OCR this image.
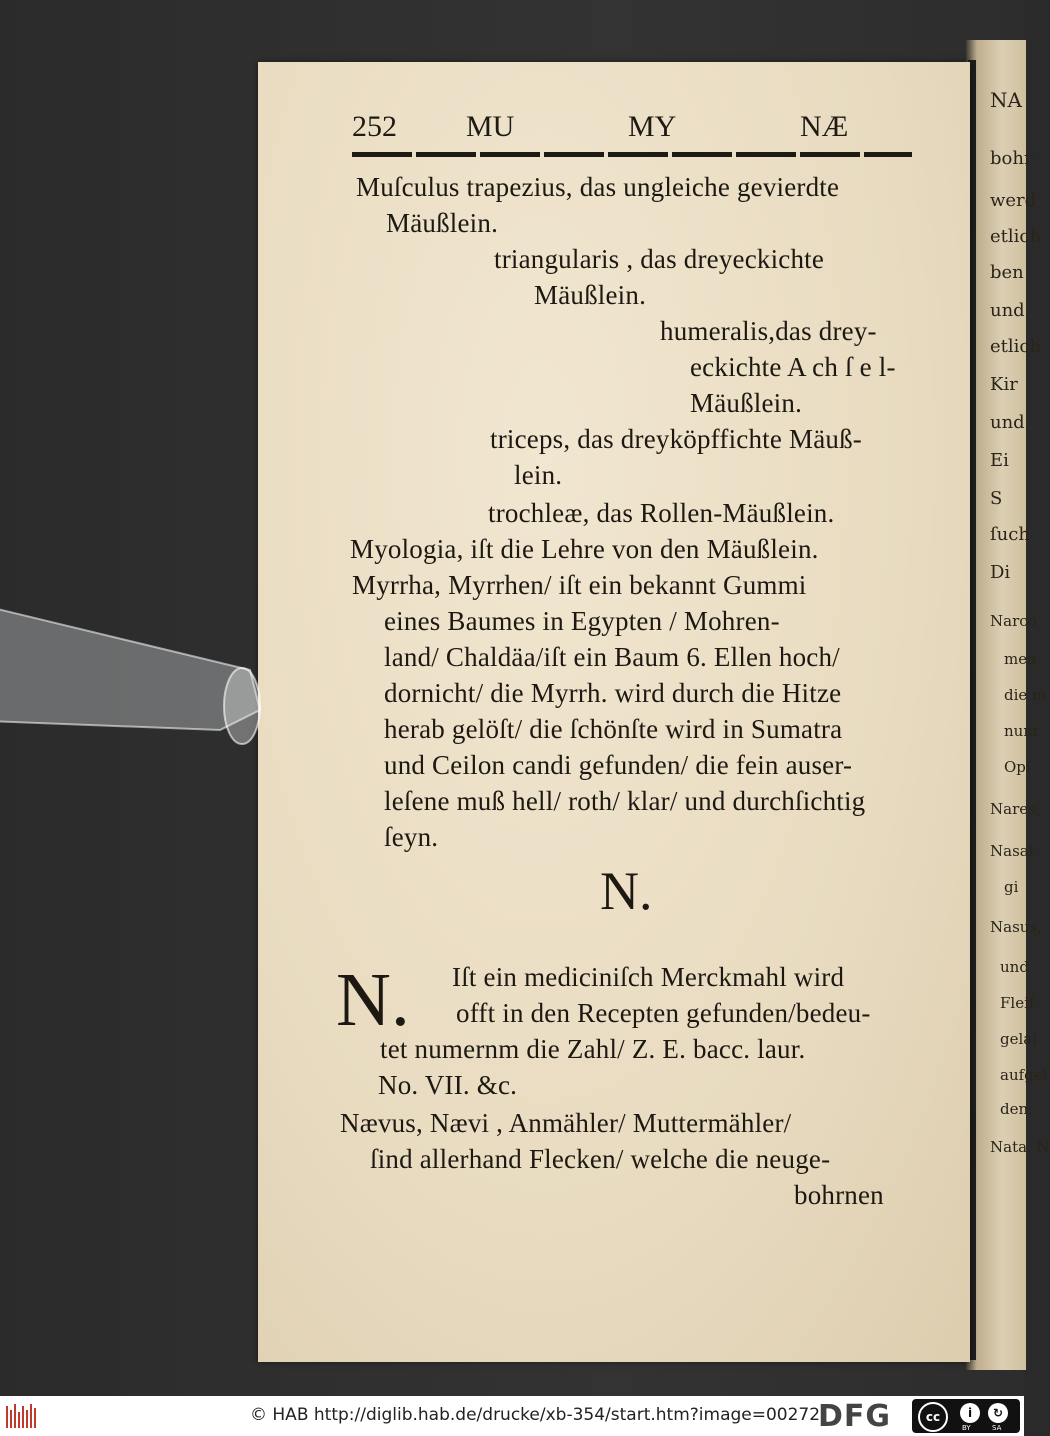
252 MU	MY	NÆ
Muſculus trapezius, das ungleiche gevierdte
Mäußlein.
triangularis , das dreyeckichte
Mäußlein.
humeralis,das drey-
eckichte A ch ſ e l-
Mäußlein.
triceps, das dreyköpffichte Mäuß-
lein.
trochleæ, das Rollen-Mäußlein.
Myologia, iſt die Lehre von den Mäußlein.
Myrrha, Myrrhen/ iſt ein bekannt Gummi
eines Baumes in Egypten / Mohren-
land/ Chaldäa/iſt ein Baum 6. Ellen hoch/
dornicht/ die Myrrh. wird durch die Hitze
herab gelöſt/ die ſchönſte wird in Sumatra
und Ceilon candi gefunden/ die fein auser-
leſene muß hell/ roth/ klar/ und durchſichtig
ſeyn.
N.
N. Iſt ein mediciniſch Merckmahl wird
offt in den Recepten gefunden/bedeu-
tet numernm die Zahl/ Z. E. bacc. laur.
No. VII. &c.
Nævus, Nævi , Anmähler/ Muttermähler/
ſind allerhand Flecken/ welche die neuge-
bohrnen
NA
bohr
werd
etlich
ben
und
etlich
Kir
und
Ei
S
ſuch
Di
Narco
men
die m
num
Opi
Nares,
Nasal
gi
Nasus,
und
Fleiſ
gelai
aufgel
den.
Nata, N
© HAB http://diglib.hab.de/drucke/xb-354/start.htm?image=00272
DFG	cc	i	↻
BY	SA
